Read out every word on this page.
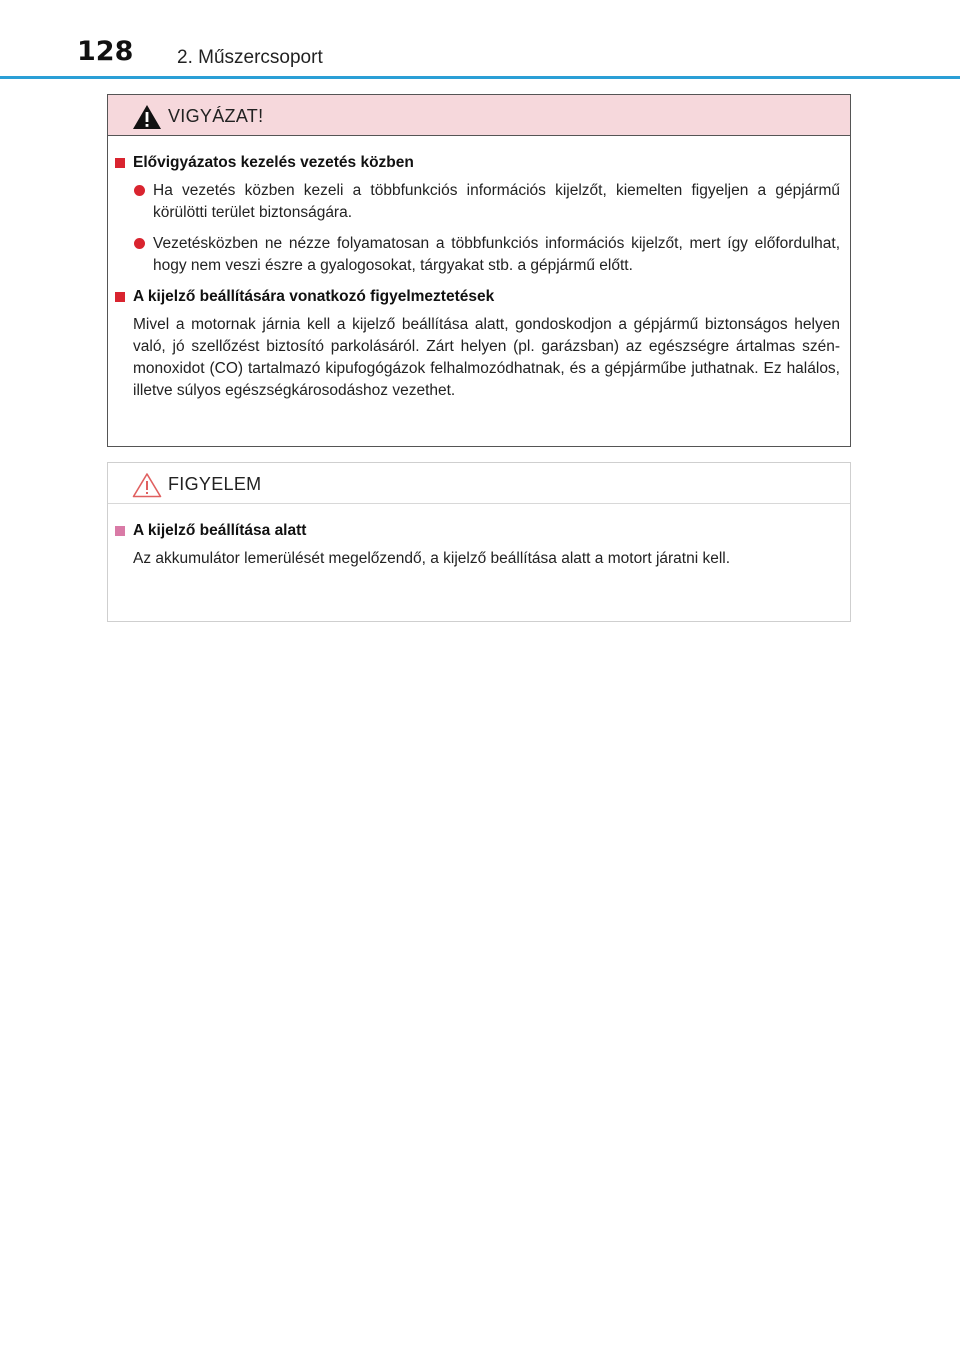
128 2. Műszercsoport
VIGYÁZAT!
Elővigyázatos kezelés vezetés közben
Ha vezetés közben kezeli a többfunkciós információs kijelzőt, kiemelten figyeljen a gépjármű körülötti terület biztonságára.
Vezetésközben ne nézze folyamatosan a többfunkciós információs kijelzőt, mert így előfordulhat, hogy nem veszi észre a gyalogosokat, tárgyakat stb. a gépjármű előtt.
A kijelző beállítására vonatkozó figyelmeztetések
Mivel a motornak járnia kell a kijelző beállítása alatt, gondoskodjon a gépjármű biztonságos helyen való, jó szellőzést biztosító parkolásáról. Zárt helyen (pl. garázsban) az egészségre ártalmas szén-monoxidot (CO) tartalmazó kipufogógázok felhalmozódhatnak, és a gépjárműbe juthatnak. Ez halálos, illetve súlyos egészségkárosodáshoz vezethet.
FIGYELEM
A kijelző beállítása alatt
Az akkumulátor lemerülését megelőzendő, a kijelző beállítása alatt a motort járatni kell.
